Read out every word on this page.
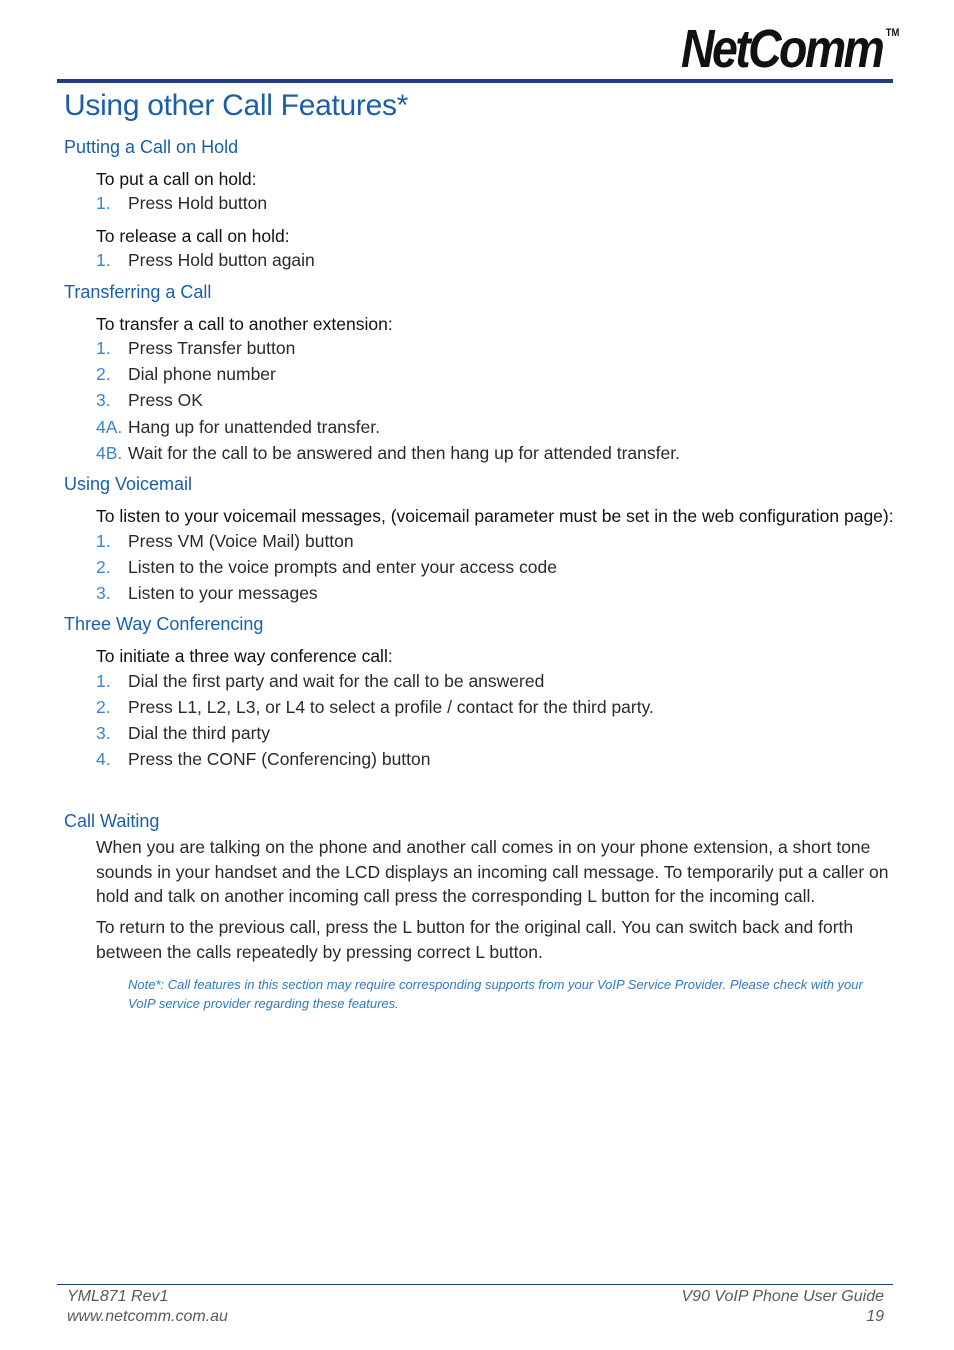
NetComm ™
Using other Call Features*
Putting a Call on Hold

To put a call on hold:

1. Press Hold button

To release a call on hold:

1. Press Hold button again

Transferring a Call

To transfer a call to another extension:

1. Press Transfer button

2. Dial phone number

3. Press OK

4A. Hang up for unattended transfer.

4B. Wait for the call to be answered and then hang up for attended transfer.

Using Voicemail

To listen to your voicemail messages, (voicemail parameter must be set in the web configuration page):

1. Press VM (Voice Mail) button

2. Listen to the voice prompts and enter your access code

3. Listen to your messages

Three Way Conferencing

To initiate a three way conference call:

1. Dial the first party and wait for the call to be answered

2. Press L1, L2, L3, or L4 to select a profile / contact for the third party.

3. Dial the third party

4. Press the CONF (Conferencing) button

Call Waiting

When you are talking on the phone and another call comes in on your phone extension, a short tone sounds in your handset and the LCD displays an incoming call message. To temporarily put a caller on hold and talk on another incoming call press the corresponding L button for the incoming call.

To return to the previous call, press the L button for the original call. You can switch back and forth between the calls repeatedly by pressing correct L button.

Note*: Call features in this section may require corresponding supports from your VoIP Service Provider. Please check with your VoIP service provider regarding these features.

YML871 Rev1
www.netcomm.com.au
V90 VoIP Phone User Guide
19
